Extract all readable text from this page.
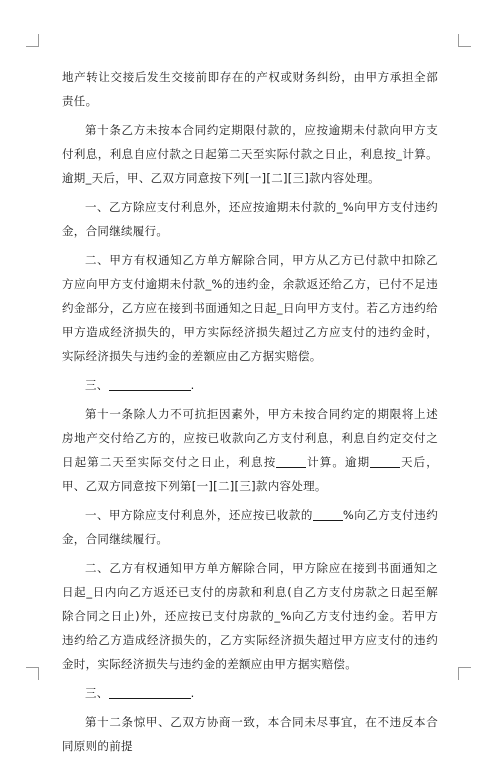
地产转让交接后发生交接前即存在的产权或财务纠纷，由甲方承担全部责任。

第十条乙方未按本合同约定期限付款的，应按逾期未付款向甲方支付利息，利息自应付款之日起第二天至实际付款之日止，利息按_计算。逾期_天后，甲、乙双方同意按下列[一][二][三]款内容处理。

一、乙方除应支付利息外，还应按逾期未付款的_%向甲方支付违约金，合同继续履行。

二、甲方有权通知乙方单方解除合同，甲方从乙方已付款中扣除乙方应向甲方支付逾期未付款_%的违约金，余款返还给乙方，已付不足违约金部分，乙方应在接到书面通知之日起_日向甲方支付。若乙方违约给甲方造成经济损失的，甲方实际经济损失超过乙方应支付的违约金时，实际经济损失与违约金的差额应由乙方据实赔偿。

三、	.

第十一条除人力不可抗拒因素外，甲方未按合同约定的期限将上述房地产交付给乙方的，应按已收款向乙方支付利息，利息自约定交付之日起第二天至实际交付之日止，利息按	计算。逾期	天后，甲、乙双方同意按下列第[一][二][三]款内容处理。

一、甲方除应支付利息外，还应按已收款的	%向乙方支付违约金，合同继续履行。

二、乙方有权通知甲方单方解除合同，甲方除应在接到书面通知之日起_日内向乙方返还已支付的房款和利息(自乙方支付房款之日起至解除合同之日止)外，还应按已支付房款的_%向乙方支付违约金。若甲方违约给乙方造成经济损失的，乙方实际经济损失超过甲方应支付的违约金时，实际经济损失与违约金的差额应由甲方据实赔偿。

三、	.

第十二条惊甲、乙双方协商一致，本合同未尽事宜，在不违反本合同原则的前提
